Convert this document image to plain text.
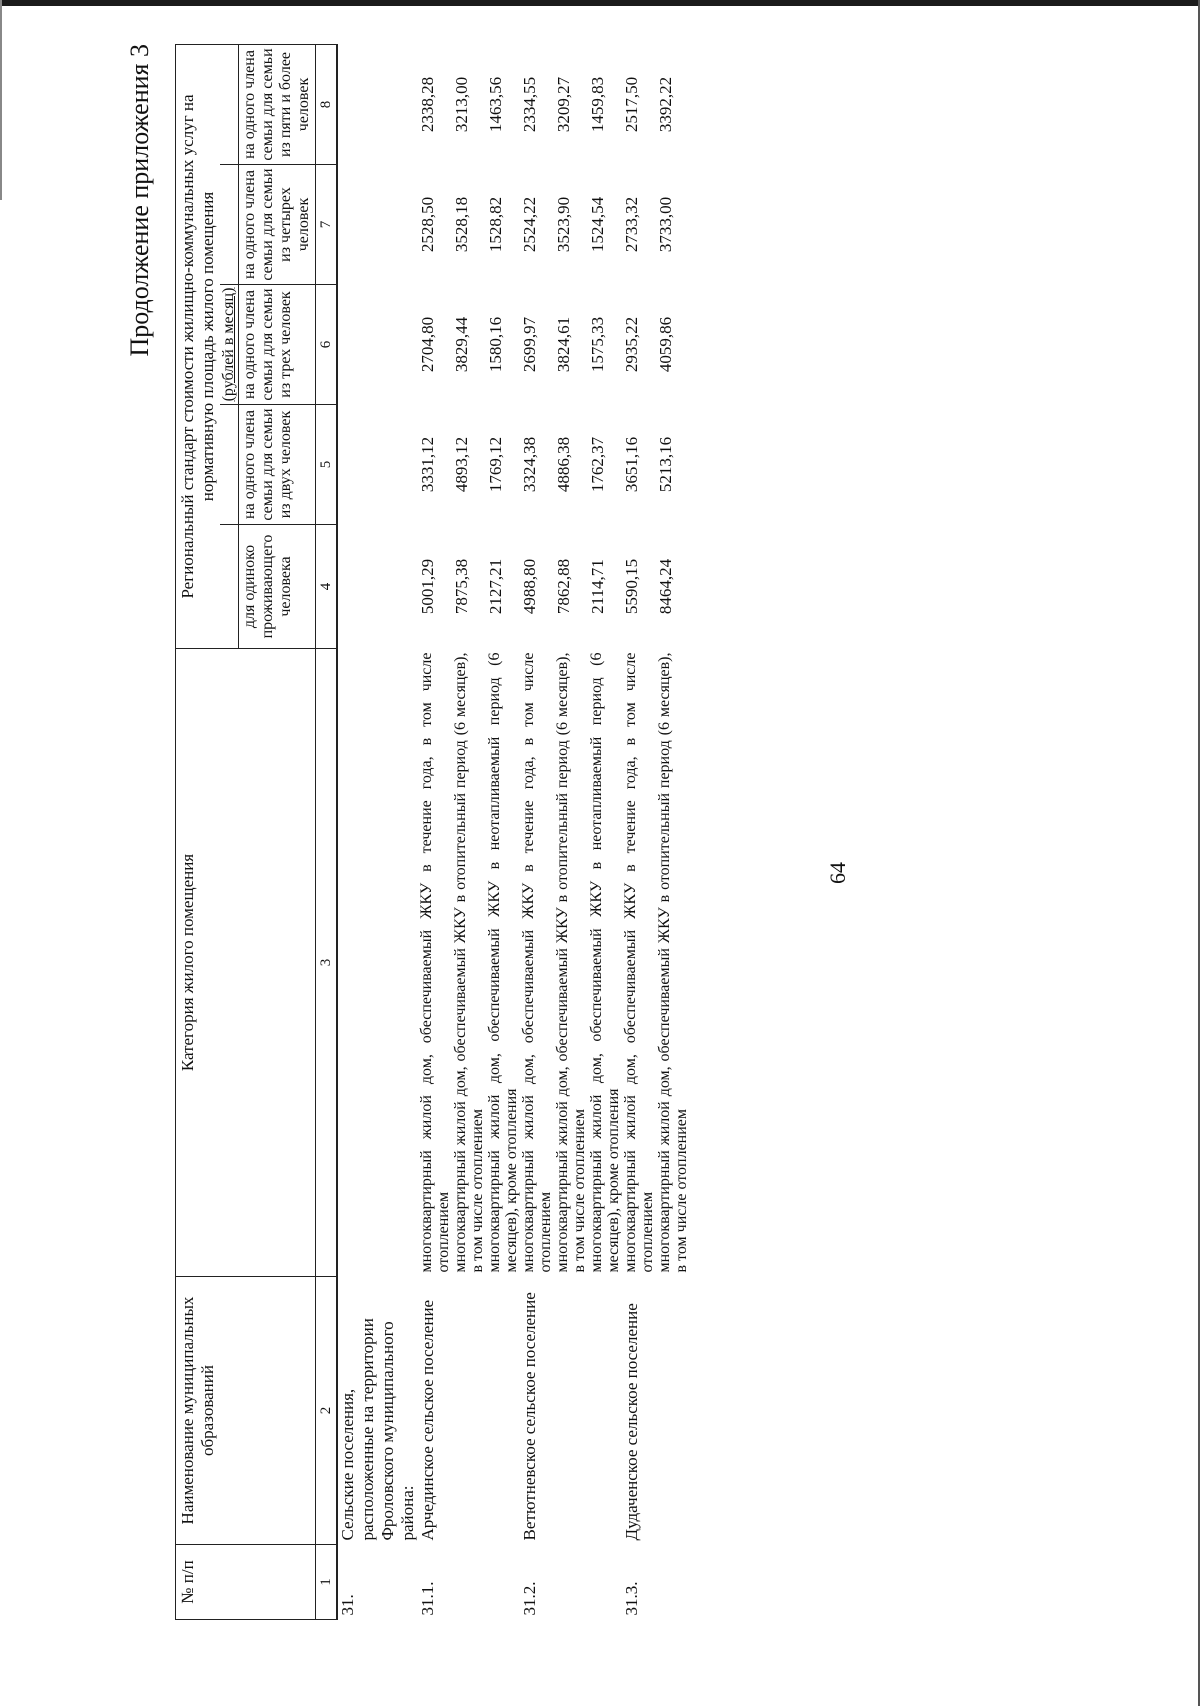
64
Продолжение приложения 3
№ п/п	Наименование муниципальных образований	Категория жилого помещения	Региональный стандарт стоимости жилищно-коммунальных услуг на нормативную площадь жилого помещения				
					(рублей в месяц)		
			для одиноко проживающего человека	на одного члена семьи для семьи из двух человек	на одного члена семьи для семьи из трех человек	на одного члена семьи для семьи из четырех человек	на одного члена семьи для семьи из пяти и более человек
1	2	3	4	5	6	7	8
31.	Сельские поселения, расположенные на территории Фроловского муниципального района:						

31.1.	Арчединское сельское поселение	многоквартирный жилой дом, обеспечиваемый ЖКУ в течение года, в том числе отоплением	5001,29	3331,12	2704,80	2528,50	2338,28
		многоквартирный жилой дом, обеспечиваемый ЖКУ в отопительный период (6 месяцев), в том числе отоплением	7875,38	4893,12	3829,44	3528,18	3213,00
		многоквартирный жилой дом, обеспечиваемый ЖКУ в неотапливаемый период (6 месяцев), кроме отопления	2127,21	1769,12	1580,16	1528,82	1463,56
31.2.	Ветютневское сельское поселение	многоквартирный жилой дом, обеспечиваемый ЖКУ в течение года, в том числе отоплением	4988,80	3324,38	2699,97	2524,22	2334,55
		многоквартирный жилой дом, обеспечиваемый ЖКУ в отопительный период (6 месяцев), в том числе отоплением	7862,88	4886,38	3824,61	3523,90	3209,27
		многоквартирный жилой дом, обеспечиваемый ЖКУ в неотапливаемый период (6 месяцев), кроме отопления	2114,71	1762,37	1575,33	1524,54	1459,83
31.3.	Дудаченское сельское поселение	многоквартирный жилой дом, обеспечиваемый ЖКУ в течение года, в том числе отоплением	5590,15	3651,16	2935,22	2733,32	2517,50
		многоквартирный жилой дом, обеспечиваемый ЖКУ в отопительный период (6 месяцев), в том числе отоплением	8464,24	5213,16	4059,86	3733,00	3392,22
